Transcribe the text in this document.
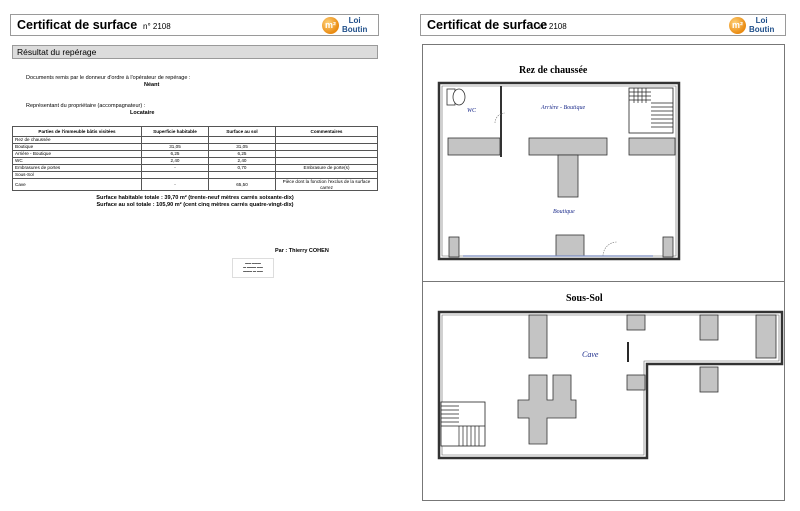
Certificat de surface n° 2108	m²	Loi
Boutin
Résultat du repérage
Documents remis par le donneur d'ordre à l'opérateur de repérage :
Néant
Représentant du propriétaire (accompagnateur) :
Locataire
Parties de l'immeuble bâtis visitées	Superficie habitable	Surface au sol	Commentaires
Rez de chaussée			
Boutique	31,05	31,05	
Arrière - Boutique	6,25	6,25	
WC	2,40	2,40	
Embrasures de portes	-	0,70	Embrasure de porte(s)
Sous-Sol			
Cave	-	65,50	Pièce dont la fonction l'exclus de la surface carrez
Surface habitable totale : 39,70 m² (trente-neuf mètres carrés soixante-dix)
Surface au sol totale : 105,90 m² (cent cinq mètres carrés quatre-vingt-dix)
Par : Thierry COHEN
▬▬ ▬▬▬
▬ ▬▬▬ ▬▬
▬▬▬ ▬ ▬▬
Certificat de surface
n° 2108	m²	Loi
Boutin
Rez de chaussée
WC	Arrière - Boutique
Boutique
Sous-Sol
Cave
